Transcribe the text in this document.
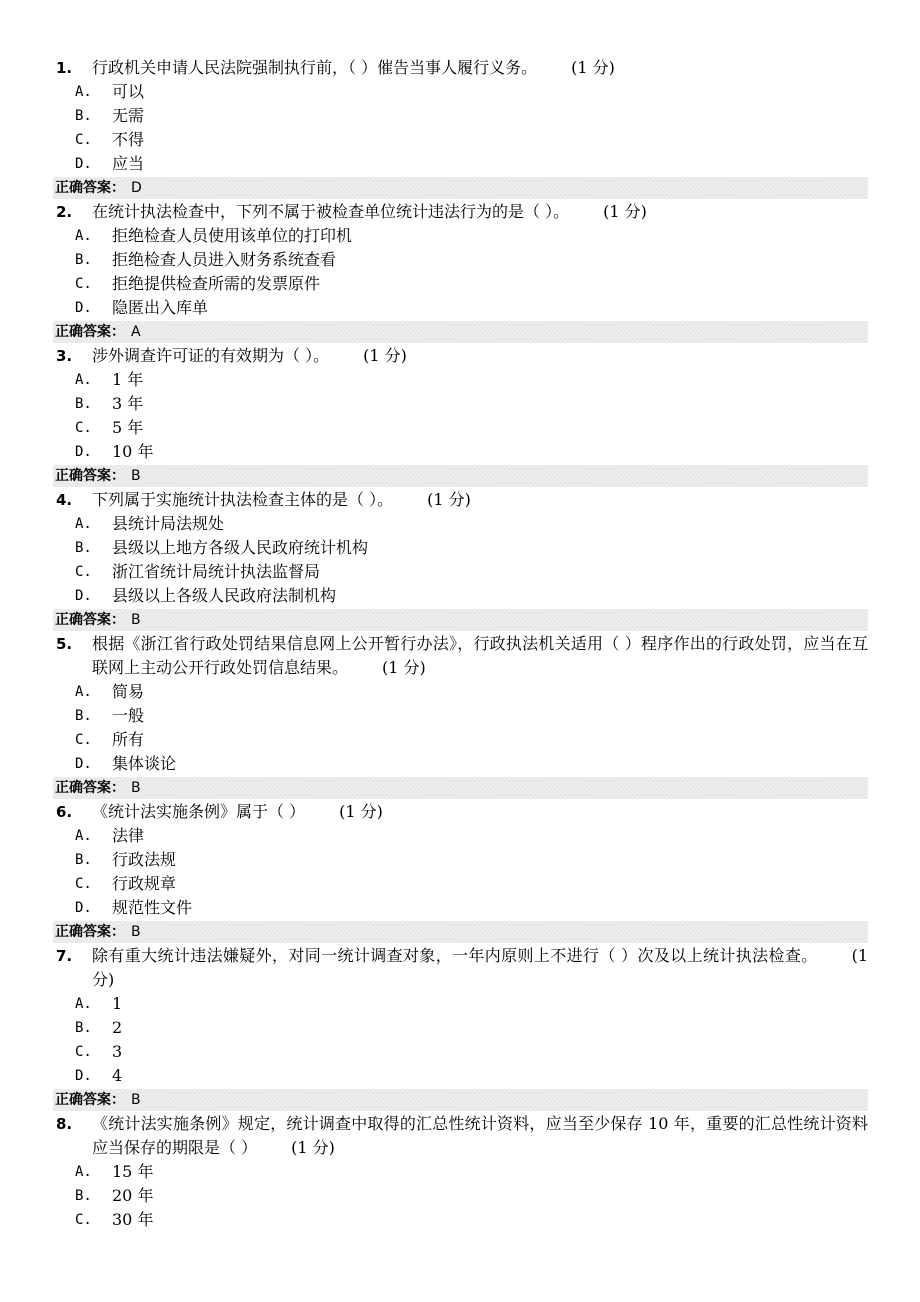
1.	行政机关申请人民法院强制执行前，（ ）催告当事人履行义务。 (1 分)
A.	可以
B.	无需
C.	不得
D.	应当
正确答案： D
2.	在统计执法检查中，下列不属于被检查单位统计违法行为的是（ ）。 (1 分)
A.	拒绝检查人员使用该单位的打印机
B.	拒绝检查人员进入财务系统查看
C.	拒绝提供检查所需的发票原件
D.	隐匿出入库单
正确答案： A
3.	涉外调查许可证的有效期为（ ）。 (1 分)
A.	1 年
B.	3 年
C.	5 年
D.	10 年
正确答案： B
4.	下列属于实施统计执法检查主体的是（ ）。 (1 分)
A.	县统计局法规处
B.	县级以上地方各级人民政府统计机构
C.	浙江省统计局统计执法监督局
D.	县级以上各级人民政府法制机构
正确答案： B
5.	根据《浙江省行政处罚结果信息网上公开暂行办法》，行政执法机关适用（ ）程序作出的行政处罚，应当在互联网上主动公开行政处罚信息结果。 (1 分)
A.	简易
B.	一般
C.	所有
D.	集体谈论
正确答案： B
6.	《统计法实施条例》属于（ ） (1 分)
A.	法律
B.	行政法规
C.	行政规章
D.	规范性文件
正确答案： B
7.	除有重大统计违法嫌疑外，对同一统计调查对象，一年内原则上不进行（ ）次及以上统计执法检查。 (1 分)
A.	1
B.	2
C.	3
D.	4
正确答案： B
8.	《统计法实施条例》规定，统计调查中取得的汇总性统计资料，应当至少保存 10 年，重要的汇总性统计资料应当保存的期限是（ ） (1 分)
A.	15 年
B.	20 年
C.	30 年
